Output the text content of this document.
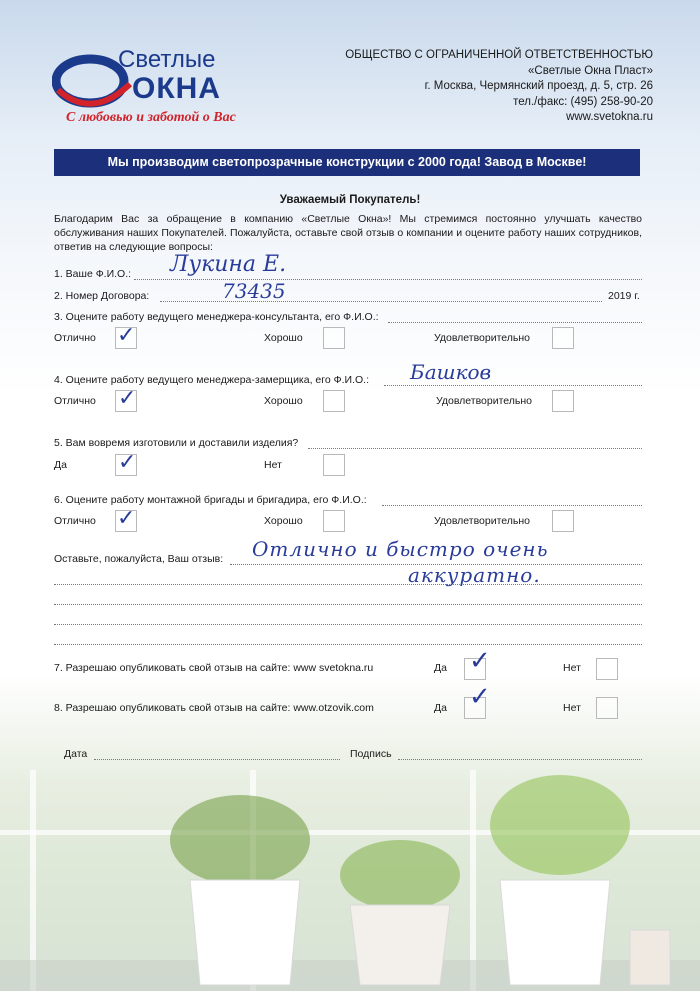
Светлые
ОКНА
С любовью и заботой о Вас
ОБЩЕСТВО С ОГРАНИЧЕННОЙ ОТВЕТСТВЕННОСТЬЮ
«Светлые Окна Пласт»
г. Москва, Чермянский проезд, д. 5, стр. 26
тел./факс: (495) 258-90-20
www.svetokna.ru
Мы производим светопрозрачные конструкции с 2000 года! Завод в Москве!
Уважаемый Покупатель!
Благодарим Вас за обращение в компанию «Светлые Окна»! Мы стремимся постоянно улучшать качество обслуживания наших Покупателей. Пожалуйста, оставьте свой отзыв о компании и оцените работу наших сотрудников, ответив на следующие вопросы:
1. Ваше Ф.И.О.: Лукина Е.
2. Номер Договора:	73435	2019 г.
3. Оцените работу ведущего менеджера-консультанта, его Ф.И.О.:
Отлично ✓	Хорошо	Удовлетворительно
4. Оцените работу ведущего менеджера-замерщика, его Ф.И.О.: Башков
Отлично ✓	Хорошо	Удовлетворительно
5. Вам вовремя изготовили и доставили изделия?
Да ✓	Нет
6. Оцените работу монтажной бригады и бригадира, его Ф.И.О.:
Отлично ✓	Хорошо	Удовлетворительно
Оставьте, пожалуйста, Ваш отзыв: Отлично и быстро очень
аккуратно.
7. Разрешаю опубликовать свой отзыв на сайте: www svetokna.ru	Да ✓	Нет
8. Разрешаю опубликовать свой отзыв на сайте: www.otzovik.com	Да ✓	Нет
Дата	Подпись
